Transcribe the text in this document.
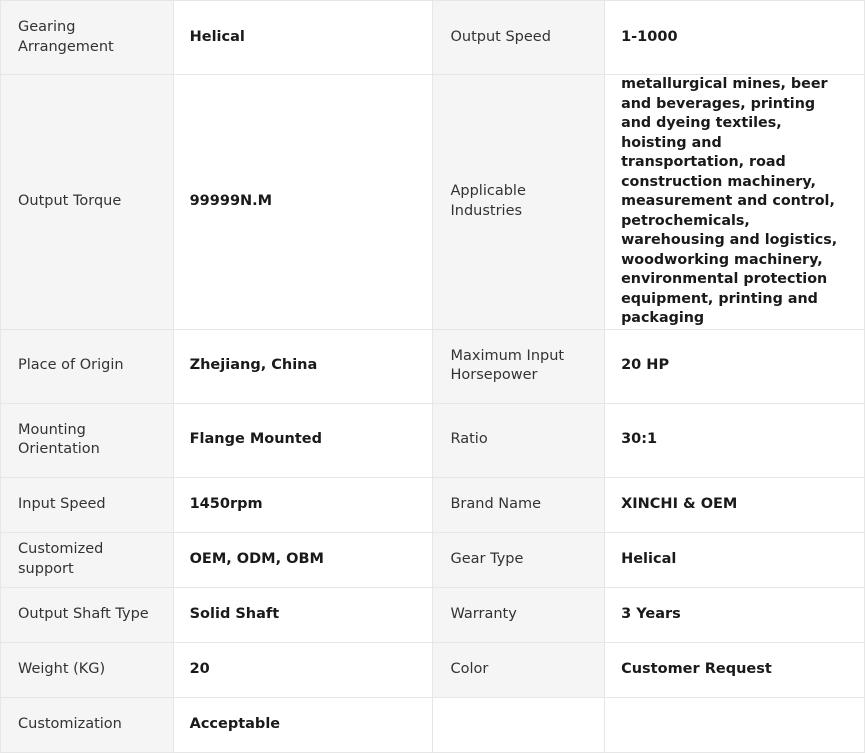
Gearing Arrangement	Helical	Output Speed	1-1000
Output Torque	99999N.M	Applicable Industries	metallurgical mines, beer and beverages, printing and dyeing textiles, hoisting and transportation, road construction machinery, measurement and control, petrochemicals, warehousing and logistics, woodworking machinery, environmental protection equipment, printing and packaging
Place of Origin	Zhejiang, China	Maximum Input Horsepower	20 HP
Mounting Orientation	Flange Mounted	Ratio	30:1
Input Speed	1450rpm	Brand Name	XINCHI & OEM
Customized support	OEM, ODM, OBM	Gear Type	Helical
Output Shaft Type	Solid Shaft	Warranty	3 Years
Weight (KG)	20	Color	Customer Request
Customization	Acceptable		
